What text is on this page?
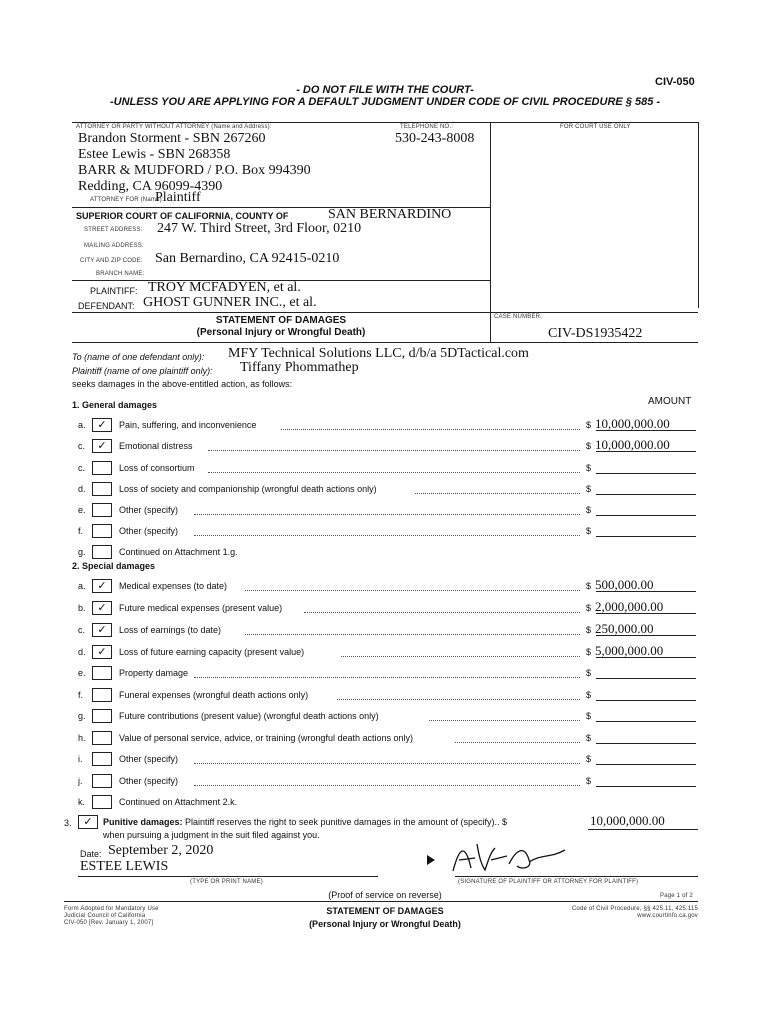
CIV-050
- DO NOT FILE WITH THE COURT-
-UNLESS YOU ARE APPLYING FOR A DEFAULT JUDGMENT UNDER CODE OF CIVIL PROCEDURE § 585 -
ATTORNEY OR PARTY WITHOUT ATTORNEY (Name and Address):	TELEPHONE NO.:	FOR COURT USE ONLY
Brandon Storment - SBN 267260
Estee Lewis - SBN 268358
BARR & MUDFORD / P.O. Box 994390
Redding, CA 96099-4390
530-243-8008
ATTORNEY FOR (Name):
Plaintiff
SUPERIOR COURT OF CALIFORNIA, COUNTY OF	SAN BERNARDINO
STREET ADDRESS: 247 W. Third Street, 3rd Floor, 0210
MAILING ADDRESS:
CITY AND ZIP CODE: San Bernardino, CA 92415-0210
BRANCH NAME:
PLAINTIFF: TROY MCFADYEN, et al.
DEFENDANT: GHOST GUNNER INC., et al.
STATEMENT OF DAMAGES
(Personal Injury or Wrongful Death)
CASE NUMBER:
CIV-DS1935422
To (name of one defendant only): MFY Technical Solutions LLC, d/b/a 5DTactical.com
Plaintiff (name of one plaintiff only): Tiffany Phommathep
seeks damages in the above-entitled action, as follows:
AMOUNT
1. General damages
2. Special damages
a.	✓	Pain, suffering, and inconvenience	$ 10,000,000.00
c.	✓	Emotional distress	$ 10,000,000.00
c.	Loss of consortium	$
d.	Loss of society and companionship (wrongful death actions only)	$
e.	Other (specify)	$
f.	Other (specify)	$
g.	Continued on Attachment 1.g.
a.	✓	Medical expenses (to date)	$ 500,000.00
b.	✓	Future medical expenses (present value)	$ 2,000,000.00
c.	✓	Loss of earnings (to date)	$ 250,000.00
d.	✓	Loss of future earning capacity (present value)	$ 5,000,000.00
e.	Property damage	$
f.	Funeral expenses (wrongful death actions only)	$
g.	Future contributions (present value) (wrongful death actions only)	$
h.	Value of personal service, advice, or training (wrongful death actions only)	$
i.	Other (specify)	$
j.	Other (specify)	$
k.	Continued on Attachment 2.k.
3.	✓	Punitive damages: Plaintiff reserves the right to seek punitive damages in the amount of (specify).. $	10,000,000.00
when pursuing a judgment in the suit filed against you.
Date: September 2, 2020
ESTEE LEWIS
(TYPE OR PRINT NAME)	(SIGNATURE OF PLAINTIFF OR ATTORNEY FOR PLAINTIFF)
(Proof of service on reverse)	Page 1 of 2
Form Adopted for Mandatory Use
Judicial Council of California
CIV-050 [Rev. January 1, 2007]
STATEMENT OF DAMAGES
(Personal Injury or Wrongful Death)
Code of Civil Procedure, §§ 425.11, 425.115
www.courtinfo.ca.gov
